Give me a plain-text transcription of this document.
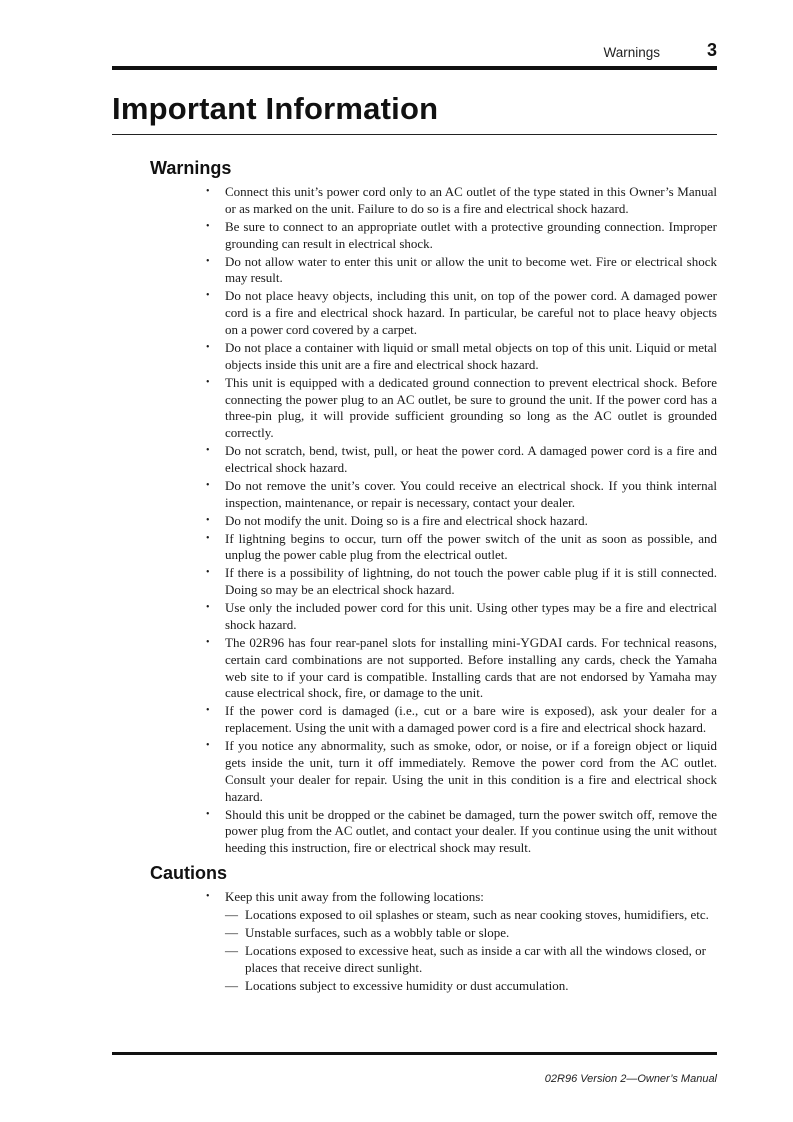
Warnings	3
Important Information
Warnings
• Connect this unit’s power cord only to an AC outlet of the type stated in this Owner’s Manual or as marked on the unit. Failure to do so is a fire and electrical shock hazard.
• Be sure to connect to an appropriate outlet with a protective grounding connection. Improper grounding can result in electrical shock.
• Do not allow water to enter this unit or allow the unit to become wet. Fire or electrical shock may result.
• Do not place heavy objects, including this unit, on top of the power cord. A damaged power cord is a fire and electrical shock hazard. In particular, be careful not to place heavy objects on a power cord covered by a carpet.
• Do not place a container with liquid or small metal objects on top of this unit. Liquid or metal objects inside this unit are a fire and electrical shock hazard.
• This unit is equipped with a dedicated ground connection to prevent electrical shock. Before connecting the power plug to an AC outlet, be sure to ground the unit. If the power cord has a three-pin plug, it will provide sufficient grounding so long as the AC outlet is grounded correctly.
• Do not scratch, bend, twist, pull, or heat the power cord. A damaged power cord is a fire and electrical shock hazard.
• Do not remove the unit’s cover. You could receive an electrical shock. If you think internal inspection, maintenance, or repair is necessary, contact your dealer.
• Do not modify the unit. Doing so is a fire and electrical shock hazard.
• If lightning begins to occur, turn off the power switch of the unit as soon as possible, and unplug the power cable plug from the electrical outlet.
• If there is a possibility of lightning, do not touch the power cable plug if it is still connected. Doing so may be an electrical shock hazard.
• Use only the included power cord for this unit. Using other types may be a fire and electrical shock hazard.
• The 02R96 has four rear-panel slots for installing mini-YGDAI cards. For technical reasons, certain card combinations are not supported. Before installing any cards, check the Yamaha web site to if your card is compatible. Installing cards that are not endorsed by Yamaha may cause electrical shock, fire, or damage to the unit.
• If the power cord is damaged (i.e., cut or a bare wire is exposed), ask your dealer for a replacement. Using the unit with a damaged power cord is a fire and electrical shock hazard.
• If you notice any abnormality, such as smoke, odor, or noise, or if a foreign object or liquid gets inside the unit, turn it off immediately. Remove the power cord from the AC outlet. Consult your dealer for repair. Using the unit in this condition is a fire and electrical shock hazard.
• Should this unit be dropped or the cabinet be damaged, turn the power switch off, remove the power plug from the AC outlet, and contact your dealer. If you continue using the unit without heeding this instruction, fire or electrical shock may result.
Cautions
• Keep this unit away from the following locations:
— Locations exposed to oil splashes or steam, such as near cooking stoves, humidifiers, etc.
— Unstable surfaces, such as a wobbly table or slope.
— Locations exposed to excessive heat, such as inside a car with all the windows closed, or places that receive direct sunlight.
— Locations subject to excessive humidity or dust accumulation.
02R96 Version 2—Owner’s Manual
